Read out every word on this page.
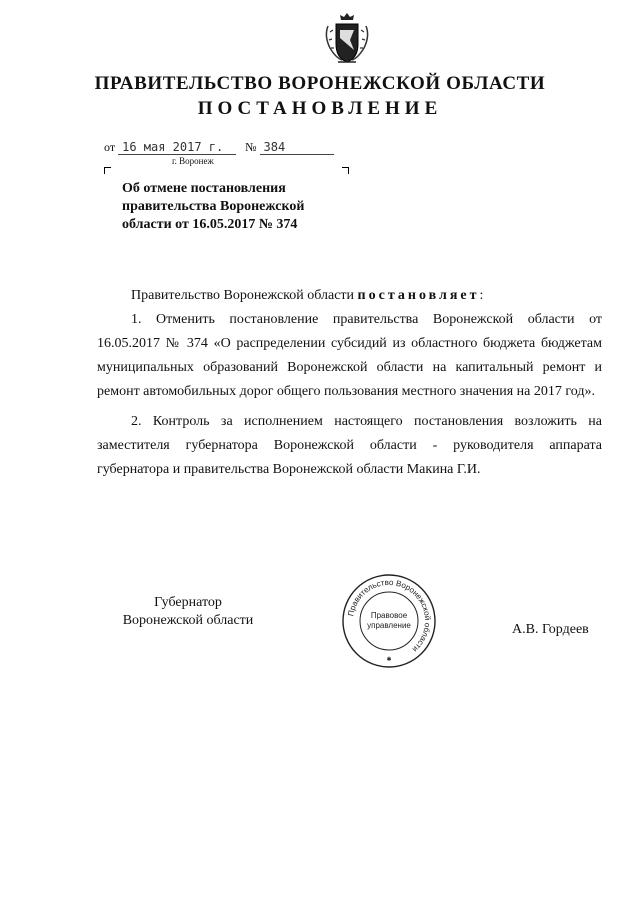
ПРАВИТЕЛЬСТВО ВОРОНЕЖСКОЙ ОБЛАСТИ
ПОСТАНОВЛЕНИЕ
от 16 мая 2017 г. № 384
г. Воронеж
Об отмене постановления
правительства Воронежской
области от 16.05.2017 № 374

Правительство Воронежской области постановляет:

1. Отменить постановление правительства Воронежской области от 16.05.2017 № 374 «О распределении субсидий из областного бюджета бюджетам муниципальных образований Воронежской области на капитальный ремонт и ремонт автомобильных дорог общего пользования местного значения на 2017 год».

2. Контроль за исполнением настоящего постановления возложить на заместителя губернатора Воронежской области - руководителя аппарата губернатора и правительства Воронежской области Макина Г.И.

Губернатор
Воронежской области	Правительство Воронежской области
Правовое
управление
✱
А.В. Гордеев
